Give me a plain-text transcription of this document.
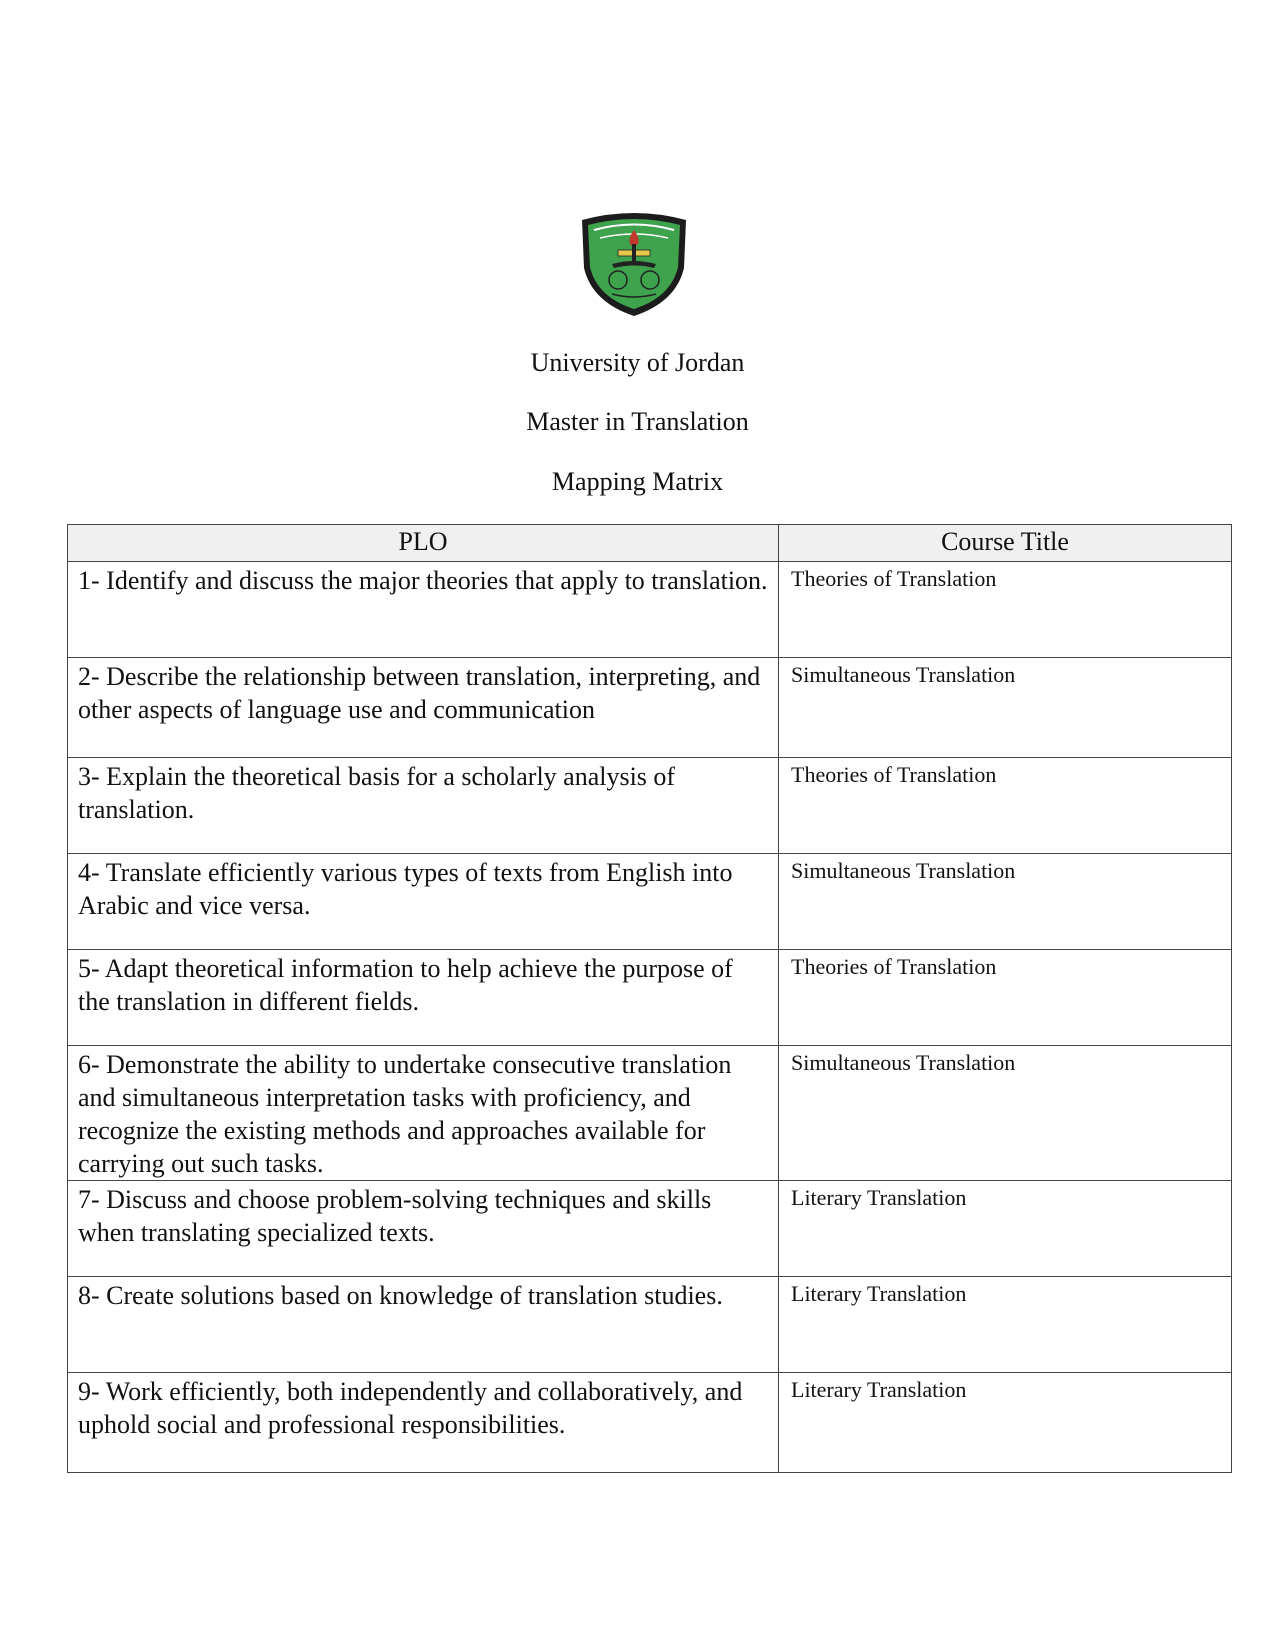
University of Jordan
Master in Translation
Mapping Matrix
PLO	Course Title

1- Identify and discuss the major theories that apply to translation.	Theories of Translation

2- Describe the relationship between translation, interpreting, and other aspects of language use and communication	Simultaneous Translation

3- Explain the theoretical basis for a scholarly analysis of translation.	Theories of Translation

4- Translate efficiently various types of texts from English into Arabic and vice versa.	Simultaneous Translation

5- Adapt theoretical information to help achieve the purpose of the translation in different fields.	Theories of Translation

6- Demonstrate the ability to undertake consecutive translation and simultaneous interpretation tasks with proficiency, and recognize the existing methods and approaches available for carrying out such tasks.	Simultaneous Translation

7- Discuss and choose problem-solving techniques and skills when translating specialized texts.	Literary Translation

8- Create solutions based on knowledge of translation studies.	Literary Translation

9- Work efficiently, both independently and collaboratively, and uphold social and professional responsibilities.	Literary Translation
